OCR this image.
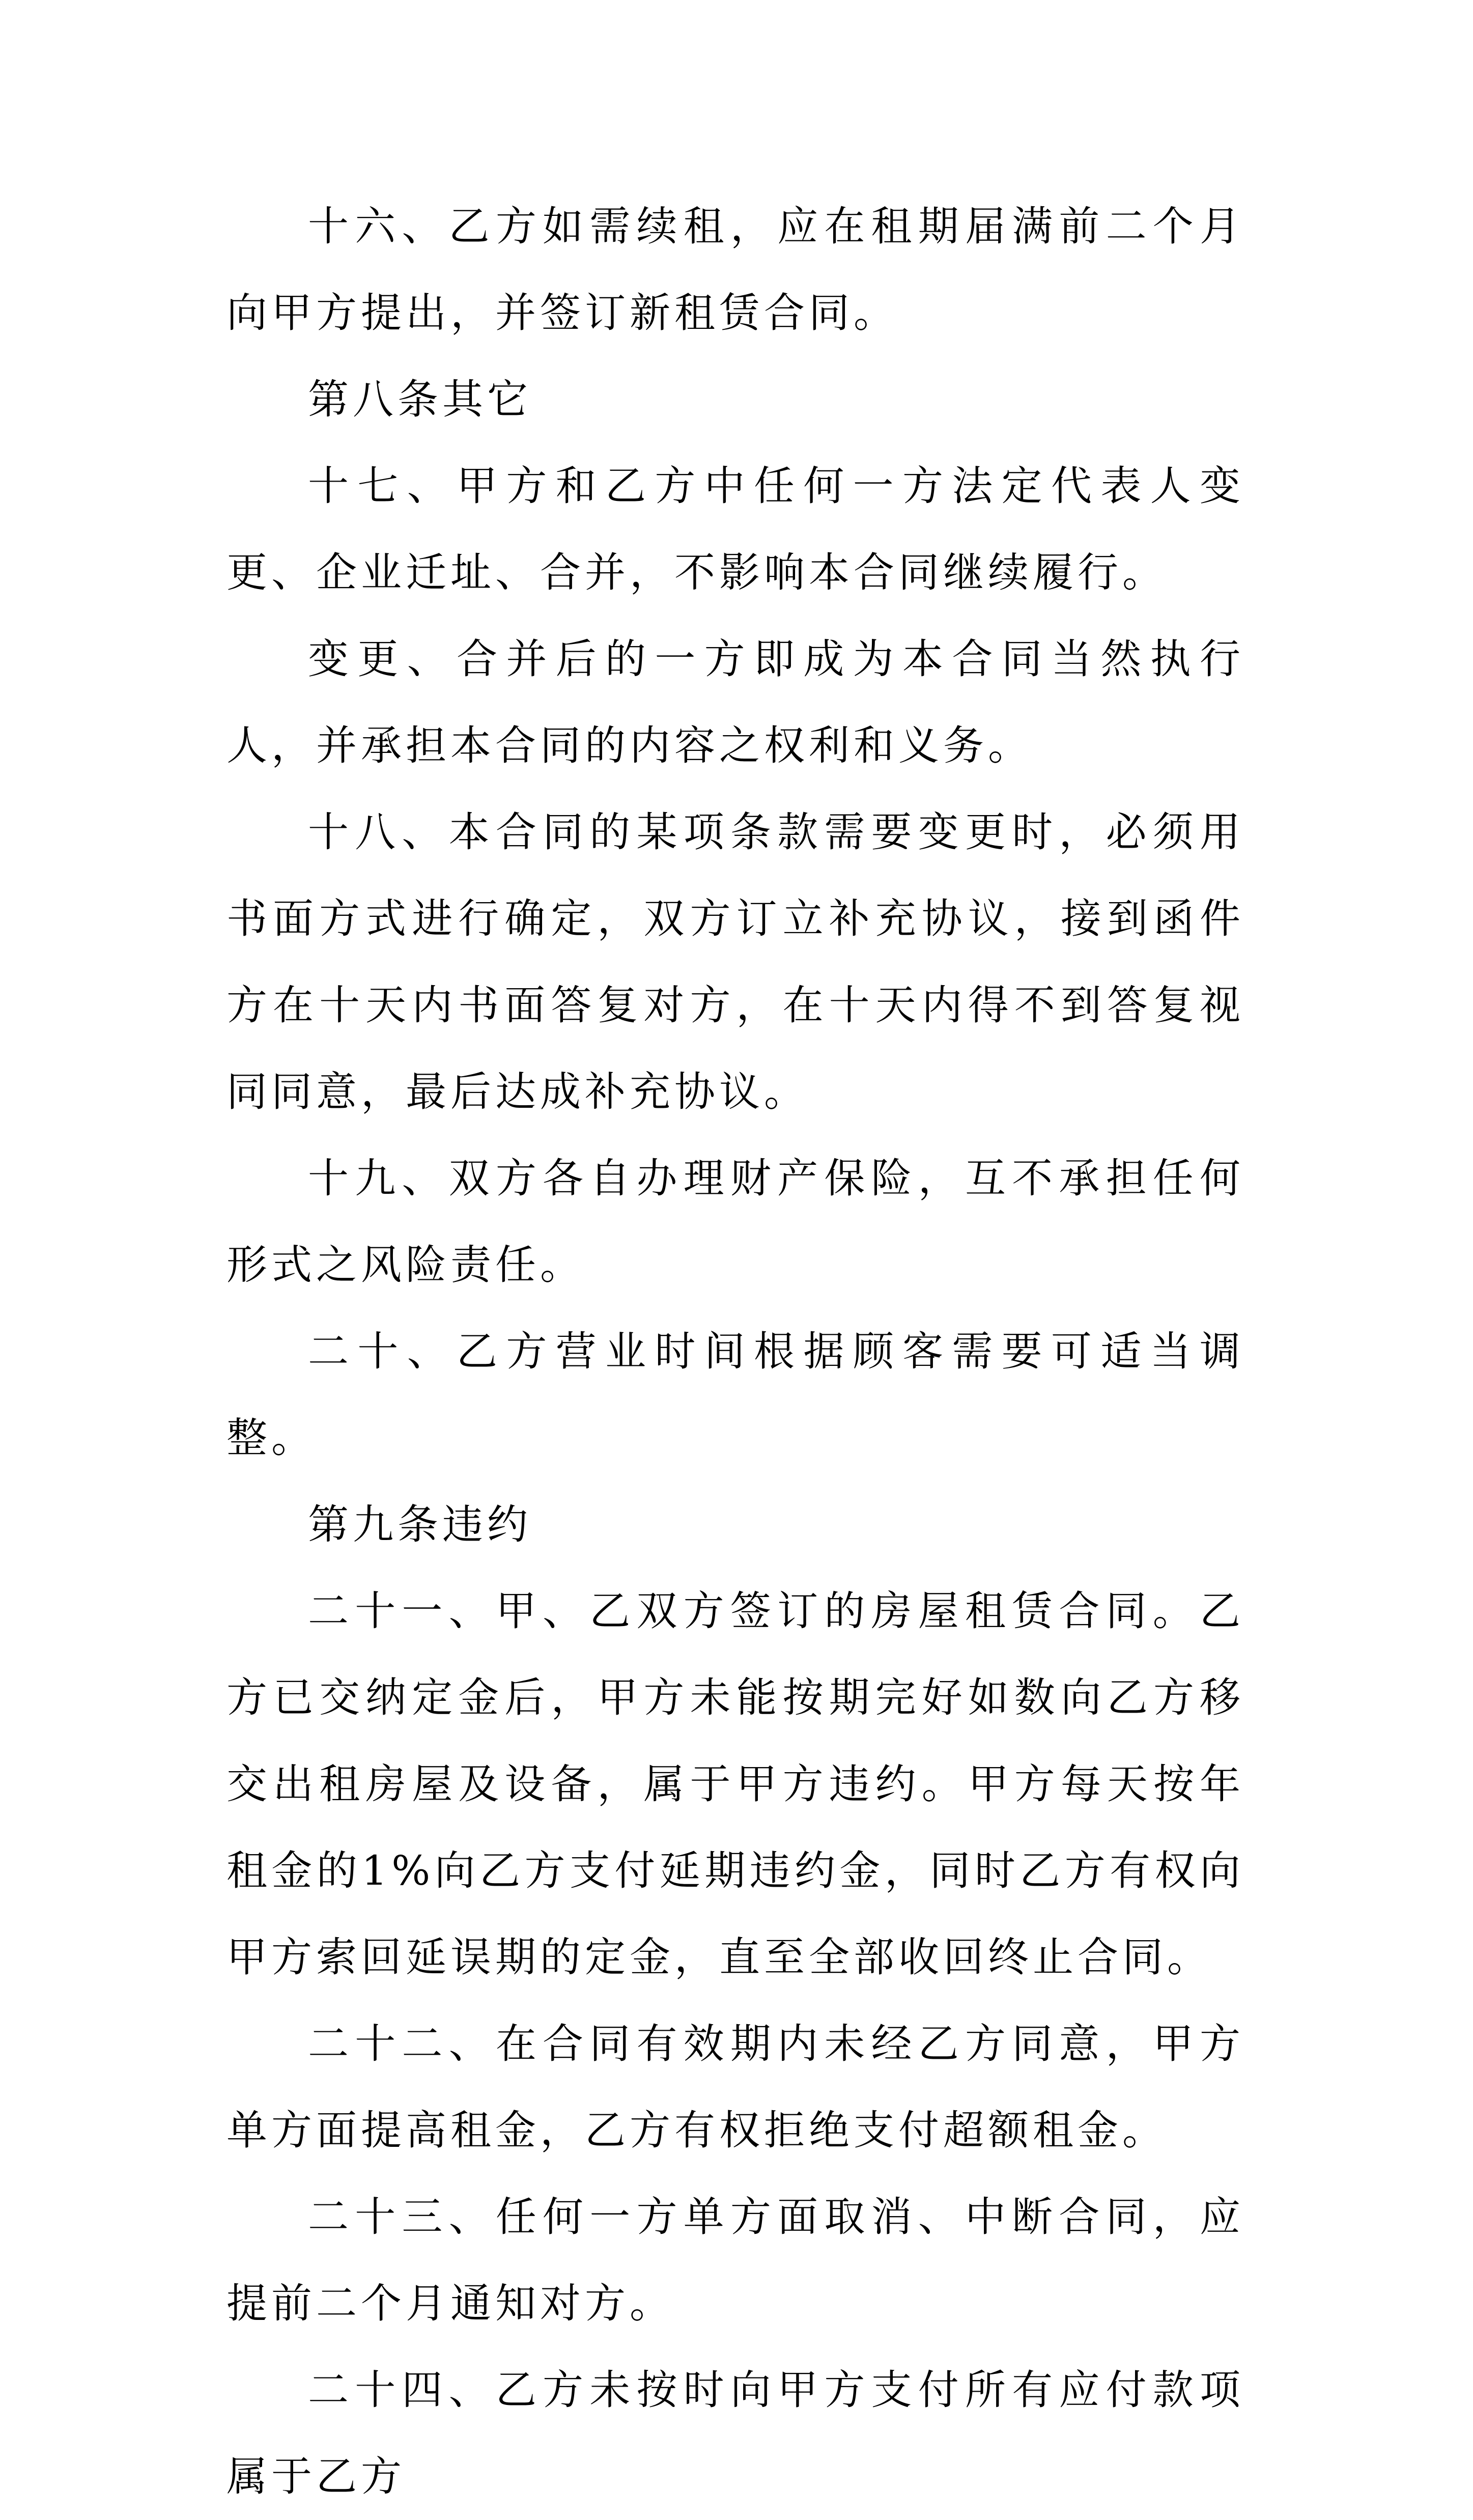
十六、乙方如需续租，应在租期届满前二个月向甲方提出，并签订新租赁合同。

第八条其它

十七、甲方和乙方中任何一方法定代表人变更、企业迁址、合并，不影响本合同继续履行。

变更、合并后的一方即成为本合同当然执行人，并承担本合同的内容之权利和义务。

十八、本合同的某项条款需要变更时，必须用书面方式进行确定，双方订立补充协议，接到函件方在十天内书面答复对方，在十天内得不到答复视同同意，最后达成补充协议。

十九、双方各自办理财产保险，互不承担任何形式之风险责任。

二十、乙方营业时间根据顾客需要可适当调整。

第九条违约

二十一、甲、乙双方签订的房屋租赁合同。乙方已交纳定金后，甲方未能按期完好如数向乙方移交出租房屋及设备，属于甲方违约。甲方每天按年租金的1%向乙方支付延期违约金，同时乙方有权向甲方索回延误期的定金，直至全部收回终止合同。

二十二、在合同有效期内未经乙方同意，甲方单方面提高租金，乙方有权拒绝支付超额租金。

二十三、任何一方单方面取消、中断合同，应提前二个月通知对方。

二十四、乙方未按时向甲方支付所有应付款项属于乙方
